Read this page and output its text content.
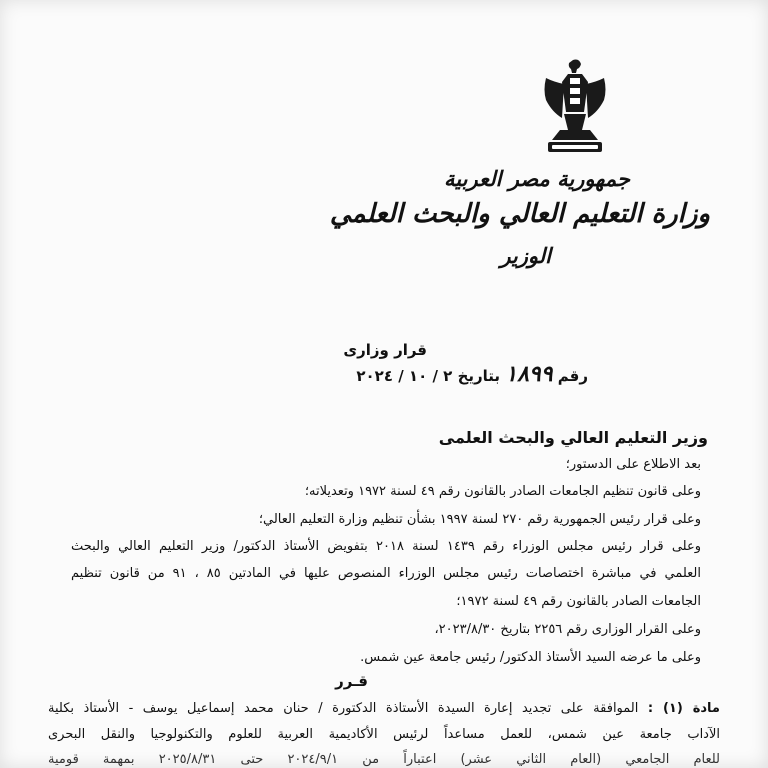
جمهورية مصر العربية
وزارة التعليم العالي والبحث العلمي
الوزير
قرار وزارى
رقم ١٨٩٩ بتاريخ ٢ / ١٠ / ٢٠٢٤
وزير التعليم العالي والبحث العلمى
بعد الاطلاع على الدستور؛
وعلى قانون تنظيم الجامعات الصادر بالقانون رقم ٤٩ لسنة ١٩٧٢ وتعديلاته؛
وعلى قرار رئيس الجمهورية رقم ٢٧٠ لسنة ١٩٩٧ بشأن تنظيم وزارة التعليم العالي؛
وعلى قرار رئيس مجلس الوزراء رقم ١٤٣٩ لسنة ٢٠١٨ بتفويض الأستاذ الدكتور/ وزير التعليم العالي والبحث
العلمي في مباشرة اختصاصات رئيس مجلس الوزراء المنصوص عليها في المادتين ٨٥ ، ٩١ من قانون تنظيم
الجامعات الصادر بالقانون رقم ٤٩ لسنة ١٩٧٢؛
وعلى القرار الوزارى رقم ٢٢٥٦ بتاريخ ٢٠٢٣/٨/٣٠،
وعلى ما عرضه السيد الأستاذ الدكتور/ رئيس جامعة عين شمس.
قـرر
مادة (١) : الموافقة على تجديد إعارة السيدة الأستاذة الدكتورة / حنان محمد إسماعيل يوسف - الأستاذ بكلية
الآداب جامعة عين شمس، للعمل مساعداً لرئيس الأكاديمية العربية للعلوم والتكنولوجيا والنقل البحرى
للعام الجامعي (العام الثاني عشر) اعتباراً من ٢٠٢٤/٩/١ حتى ٢٠٢٥/٨/٣١ بمهمة قومية
